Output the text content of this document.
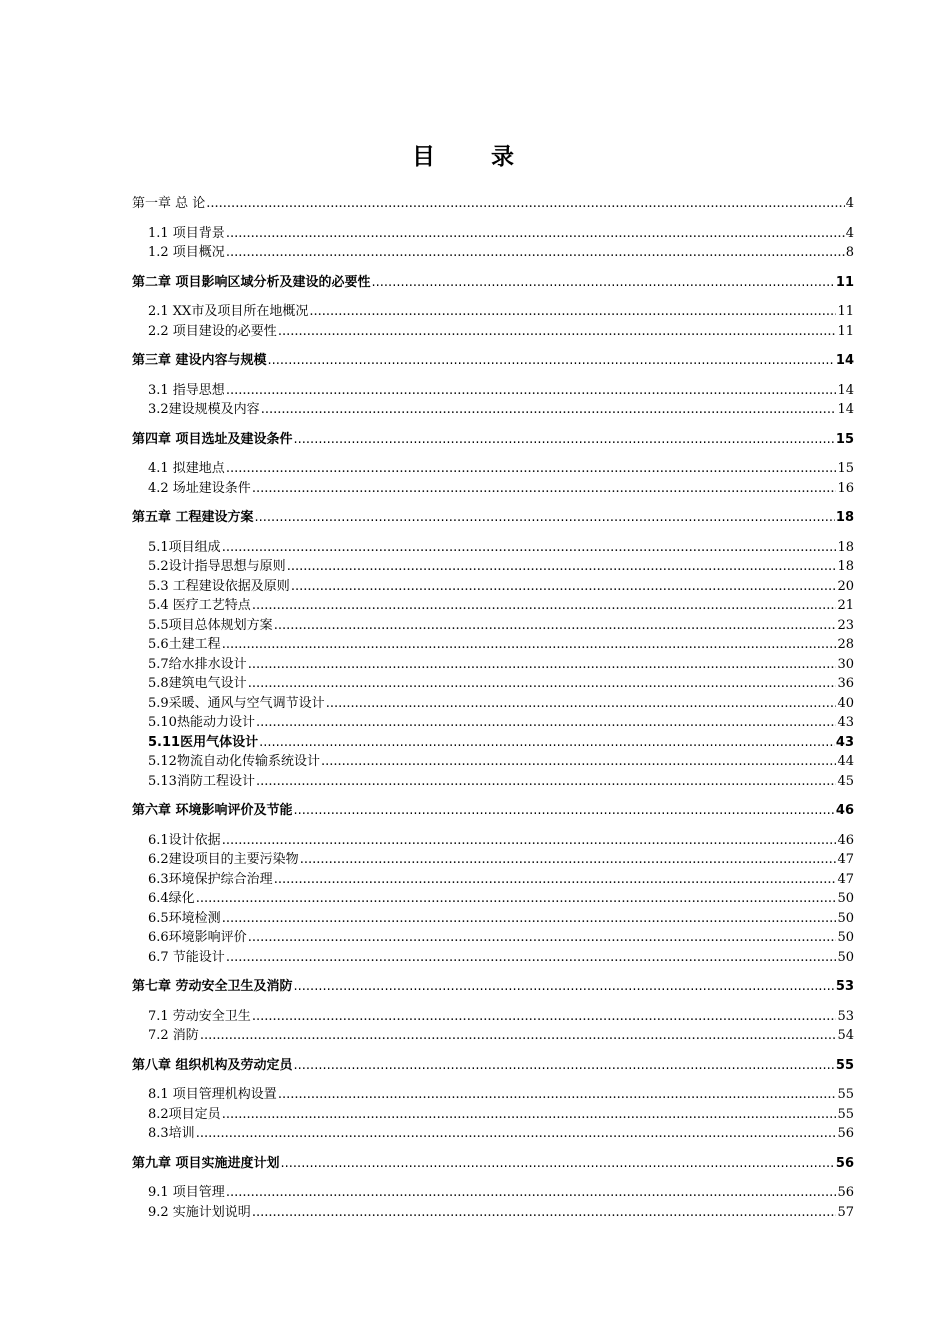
目 录
第一章 总 论 .....	4
1.1 项目背景 .....	4
1.2 项目概况 .....	8
第二章 项目影响区域分析及建设的必要性 .....	11
2.1 XX市及项目所在地概况 .....	11
2.2 项目建设的必要性 .....	11
第三章 建设内容与规模 .....	14
3.1 指导思想 .....	14
3.2建设规模及内容 .....	14
第四章 项目选址及建设条件 .....	15
4.1 拟建地点 .....	15
4.2 场址建设条件 .....	16
第五章 工程建设方案 .....	18
5.1项目组成 .....	18
5.2设计指导思想与原则 .....	18
5.3 工程建设依据及原则 .....	20
5.4 医疗工艺特点 .....	21
5.5项目总体规划方案 .....	23
5.6土建工程 .....	28
5.7给水排水设计 .....	30
5.8建筑电气设计 .....	36
5.9采暖、通风与空气调节设计 .....	40
5.10热能动力设计 .....	43
5.11医用气体设计 .....	43
5.12物流自动化传输系统设计 .....	44
5.13消防工程设计 .....	45
第六章 环境影响评价及节能 .....	46
6.1设计依据 .....	46
6.2建设项目的主要污染物 .....	47
6.3环境保护综合治理 .....	47
6.4绿化 .....	50
6.5环境检测 .....	50
6.6环境影响评价 .....	50
6.7 节能设计 .....	50
第七章 劳动安全卫生及消防 .....	53
7.1 劳动安全卫生 .....	53
7.2 消防 .....	54
第八章 组织机构及劳动定员 .....	55
8.1 项目管理机构设置 .....	55
8.2项目定员 .....	55
8.3培训 .....	56
第九章 项目实施进度计划 .....	56
9.1 项目管理 .....	56
9.2 实施计划说明 .....	57
